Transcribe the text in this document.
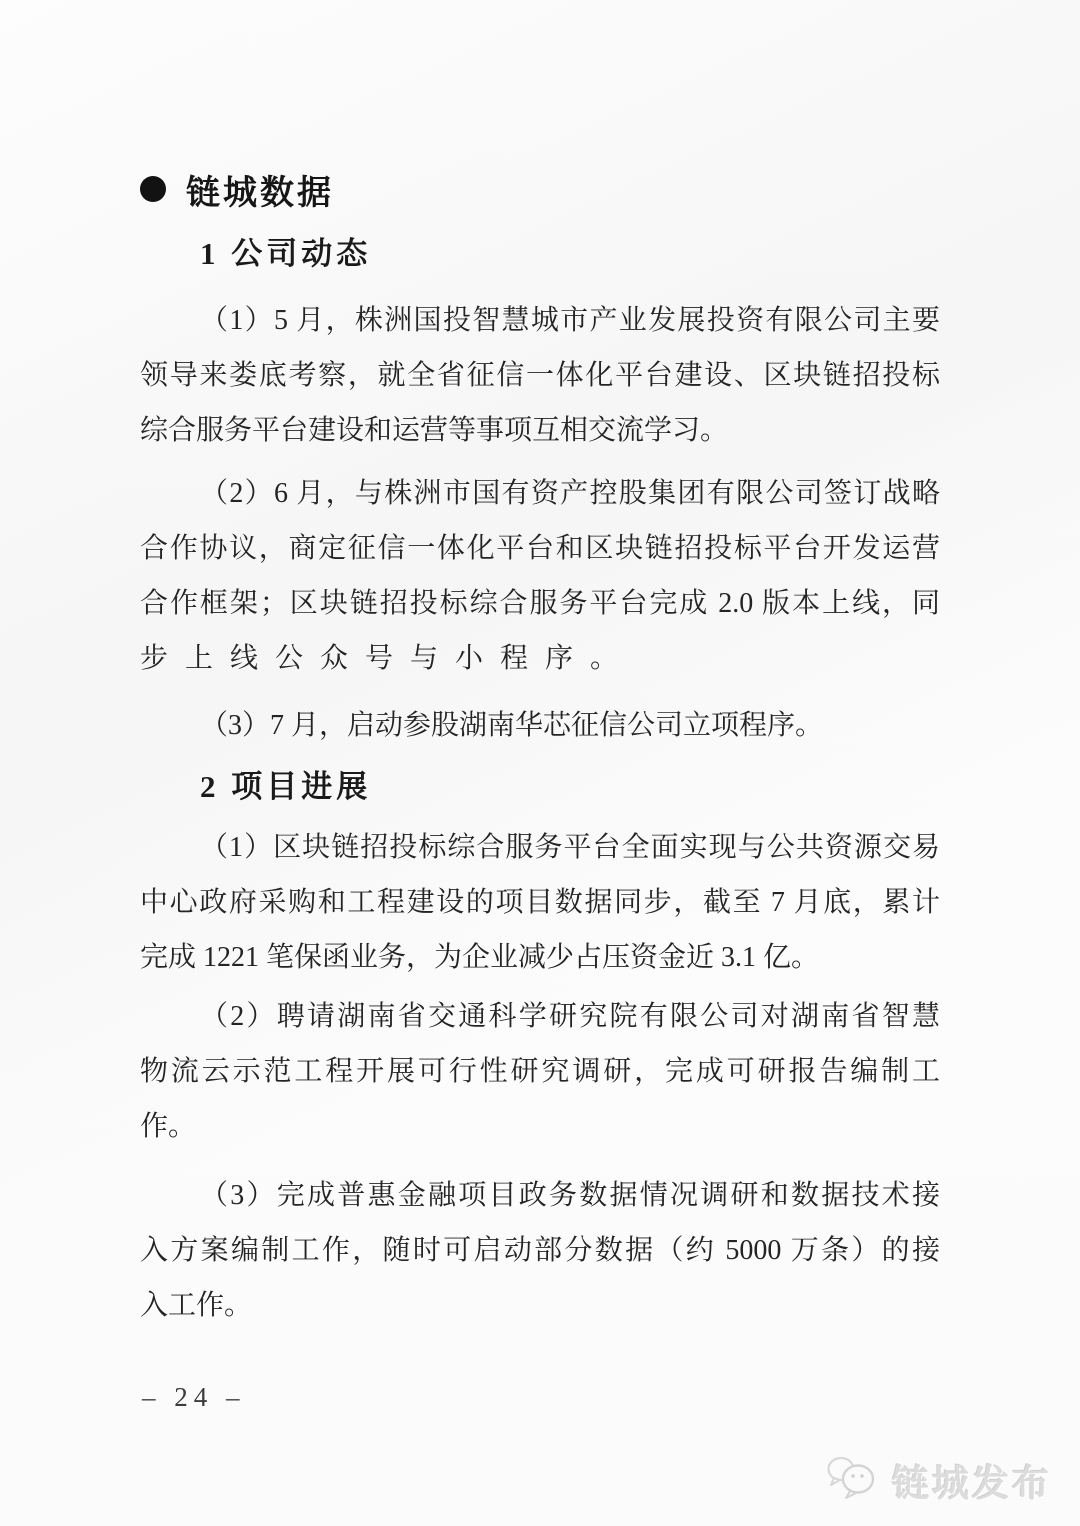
链城数据
1 公司动态
（1）5 月，株洲国投智慧城市产业发展投资有限公司主要
领导来娄底考察，就全省征信一体化平台建设、区块链招投标
综合服务平台建设和运营等事项互相交流学习。
（2）6 月，与株洲市国有资产控股集团有限公司签订战略
合作协议，商定征信一体化平台和区块链招投标平台开发运营
合作框架；区块链招投标综合服务平台完成 2.0 版本上线，同
步上线公众号与小程序。
（3）7 月，启动参股湖南华芯征信公司立项程序。
2 项目进展
（1）区块链招投标综合服务平台全面实现与公共资源交易
中心政府采购和工程建设的项目数据同步，截至 7 月底，累计
完成 1221 笔保函业务，为企业减少占压资金近 3.1 亿。
（2）聘请湖南省交通科学研究院有限公司对湖南省智慧
物流云示范工程开展可行性研究调研，完成可研报告编制工
作。
（3）完成普惠金融项目政务数据情况调研和数据技术接
入方案编制工作，随时可启动部分数据（约 5000 万条）的接
入工作。
– 24 –
链城发布
